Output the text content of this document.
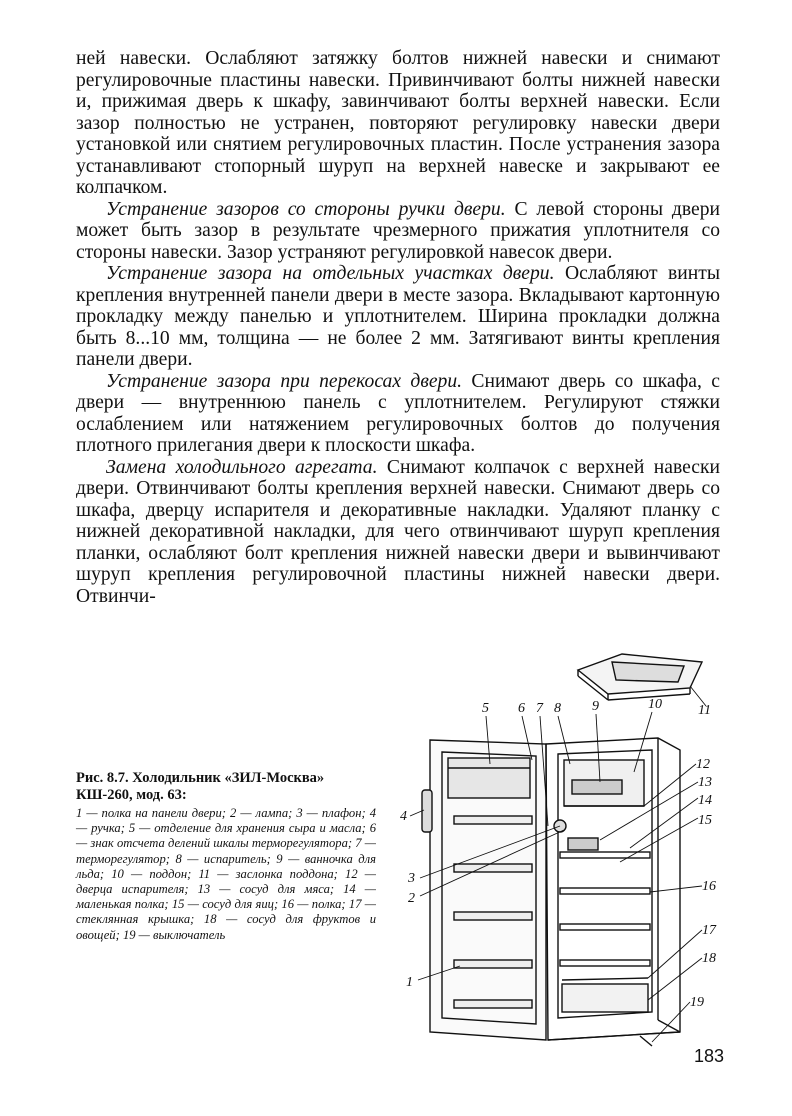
ней навески. Ослабляют затяжку болтов нижней навески и снимают регулировочные пластины навески. Привинчивают болты нижней навески и, прижимая дверь к шкафу, завинчивают болты верхней навески. Если зазор полностью не устранен, повторяют регулировку навески двери установкой или снятием регулировочных пластин. После устранения зазора устанавливают стопорный шуруп на верхней навеске и закрывают ее колпачком.

Устранение зазоров со стороны ручки двери. С левой стороны двери может быть зазор в результате чрезмерного прижатия уплотнителя со стороны навески. Зазор устраняют регулировкой навесок двери.

Устранение зазора на отдельных участках двери. Ослабляют винты крепления внутренней панели двери в месте зазора. Вкладывают картонную прокладку между панелью и уплотнителем. Ширина прокладки должна быть 8...10 мм, толщина — не более 2 мм. Затягивают винты крепления панели двери.

Устранение зазора при перекосах двери. Снимают дверь со шкафа, с двери — внутреннюю панель с уплотнителем. Регулируют стяжки ослаблением или натяжением регулировочных болтов до получения плотного прилегания двери к плоскости шкафа.

Замена холодильного агрегата. Снимают колпачок с верхней навески двери. Отвинчивают болты крепления верхней навески. Снимают дверь со шкафа, дверцу испарителя и декоративные накладки. Удаляют планку с нижней декоративной накладки, для чего отвинчивают шуруп крепления планки, ослабляют болт крепления нижней навески двери и вывинчивают шуруп крепления регулировочной пластины нижней навески двери. Отвинчи-

Рис. 8.7. Холодильник «ЗИЛ-Москва» КШ-260, мод. 63:
1 — полка на панели двери; 2 — лампа; 3 — плафон; 4 — ручка; 5 — отделение для хранения сыра и масла; 6 — знак отсчета делений шкалы терморегулятора; 7 — терморегулятор; 8 — испаритель; 9 — ванночка для льда; 10 — поддон; 11 — заслонка поддона; 12 — дверца испарителя; 13 — сосуд для мяса; 14 — маленькая полка; 15 — сосуд для яиц; 16 — полка; 17 — стеклянная крышка; 18 — сосуд для фруктов и овощей; 19 — выключатель
5 6 7 8 9	10	11
12
13
14
15
4
3
2
16
17
18
19
1
183
